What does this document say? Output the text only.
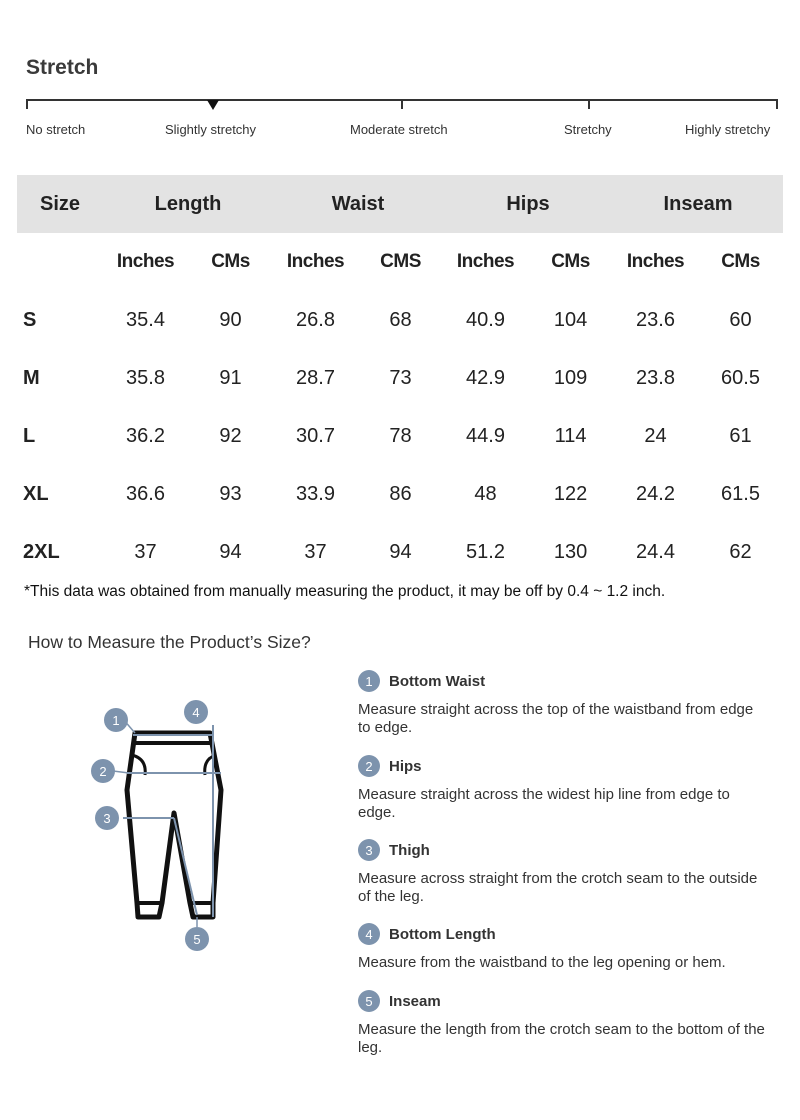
Stretch
No stretch	Slightly stretchy	Moderate stretch	Stretchy	Highly stretchy
Size	Length		Waist		Hips		Inseam	
	Inches	CMs	Inches	CMS	Inches	CMs	Inches	CMs
S	35.4	90	26.8	68	40.9	104	23.6	60
M	35.8	91	28.7	73	42.9	109	23.8	60.5
L	36.2	92	30.7	78	44.9	114	24	61
XL	36.6	93	33.9	86	48	122	24.2	61.5
2XL	37	94	37	94	51.2	130	24.4	62
*This data was obtained from manually measuring the product, it may be off by 0.4 ~ 1.2 inch.
How to Measure the Product’s Size?
1
2
3
4
5
1	Bottom Waist
Measure straight across the top of the waistband from edge to edge.
2	Hips
Measure straight across the widest hip line from edge to edge.
3	Thigh
Measure across straight from the crotch seam to the outside of the leg.
4	Bottom Length
Measure from the waistband to the leg opening or hem.
5	Inseam
Measure the length from the crotch seam to the bottom of the leg.
